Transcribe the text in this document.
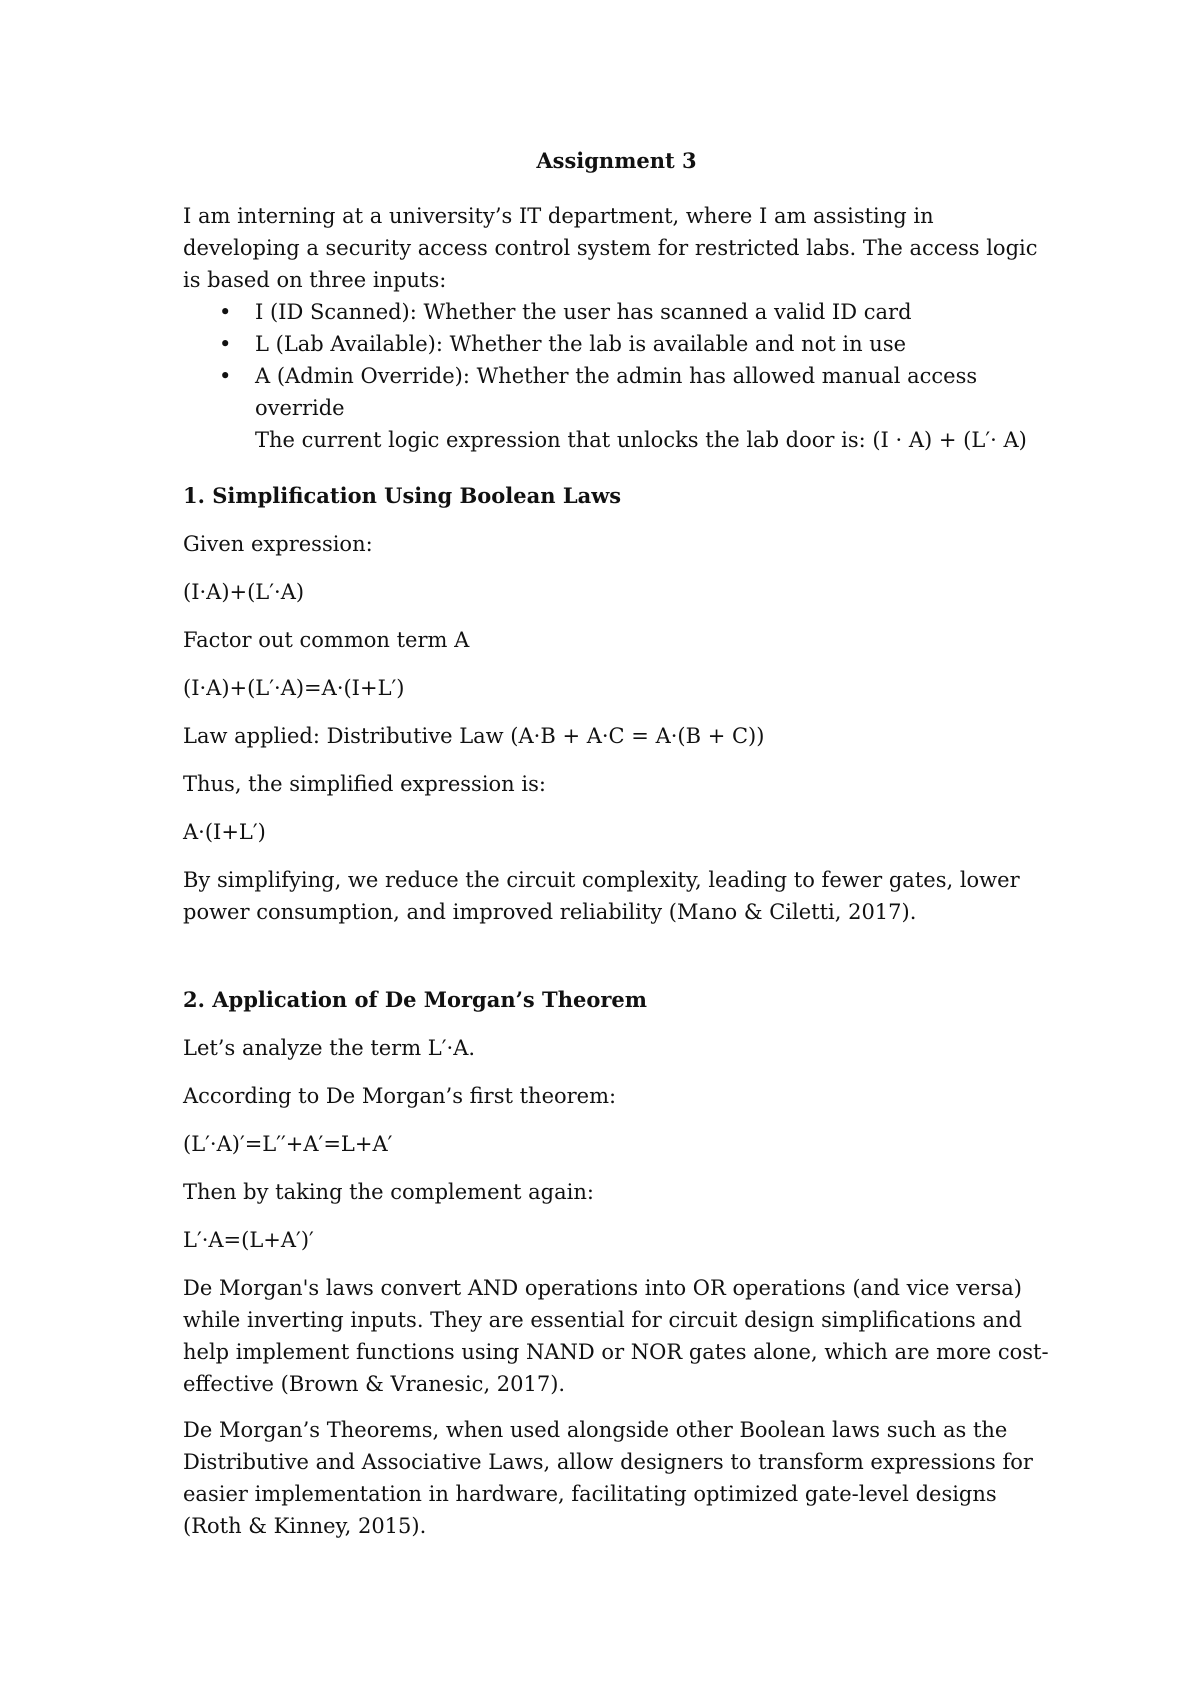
Assignment 3

I am interning at a university’s IT department, where I am assisting in developing a security access control system for restricted labs. The access logic is based on three inputs:

• I (ID Scanned): Whether the user has scanned a valid ID card
• L (Lab Available): Whether the lab is available and not in use
• A (Admin Override): Whether the admin has allowed manual access override
The current logic expression that unlocks the lab door is: (I · A) + (L′· A)
1. Simplification Using Boolean Laws

Given expression:

(I·A)+(L′·A)

Factor out common term A

(I·A)+(L′·A)=A·(I+L′)

Law applied: Distributive Law (A·B + A·C = A·(B + C))

Thus, the simplified expression is:

A·(I+L′)

By simplifying, we reduce the circuit complexity, leading to fewer gates, lower power consumption, and improved reliability (Mano & Ciletti, 2017).

2. Application of De Morgan’s Theorem

Let’s analyze the term L′·A.

According to De Morgan’s first theorem:

(L′·A)′=L′′+A′=L+A′

Then by taking the complement again:

L′·A=(L+A′)′

De Morgan's laws convert AND operations into OR operations (and vice versa) while inverting inputs. They are essential for circuit design simplifications and help implement functions using NAND or NOR gates alone, which are more cost-effective (Brown & Vranesic, 2017).

De Morgan’s Theorems, when used alongside other Boolean laws such as the Distributive and Associative Laws, allow designers to transform expressions for easier implementation in hardware, facilitating optimized gate-level designs (Roth & Kinney, 2015).
